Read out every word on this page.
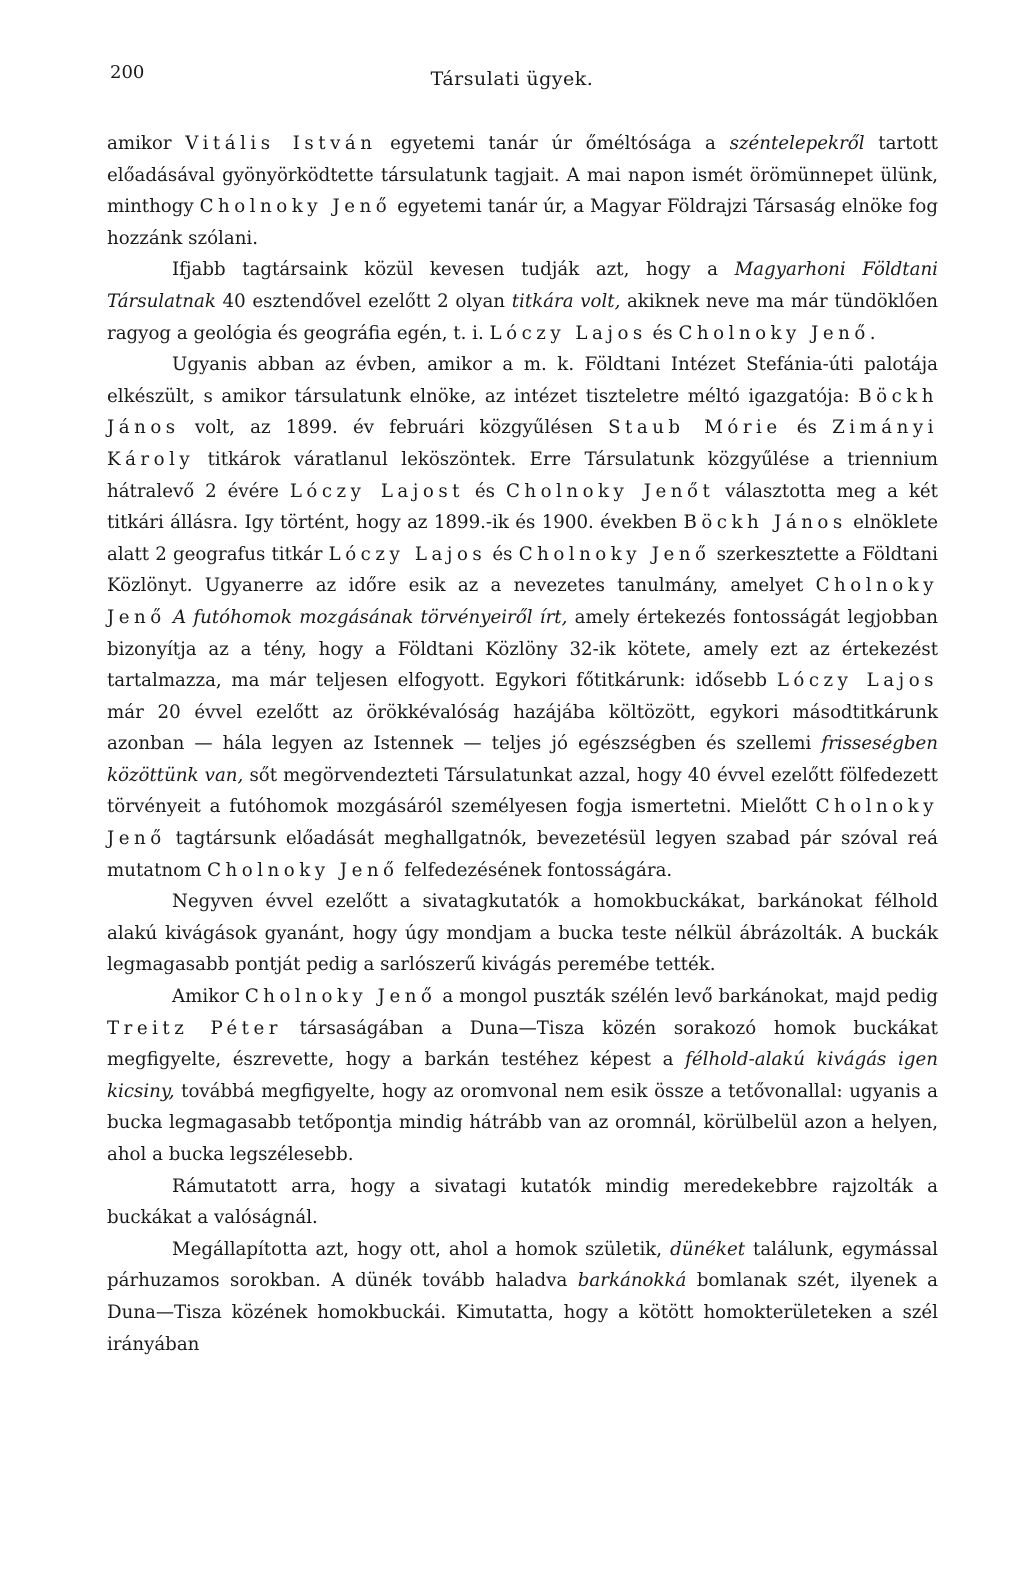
200	Társulati ügyek.

amikor Vitális István egyetemi tanár úr őméltósága a széntelepekről tartott előadásával gyönyörködtette társulatunk tagjait. A mai napon ismét örömünnepet ülünk, minthogy Cholnoky Jenő egyetemi tanár úr, a Magyar Földrajzi Társaság elnöke fog hozzánk szólani.

Ifjabb tagtársaink közül kevesen tudják azt, hogy a Magyarhoni Földtani Társulatnak 40 esztendővel ezelőtt 2 olyan titkára volt, akiknek neve ma már tündöklően ragyog a geológia és geográfia egén, t. i. Lóczy Lajos és Cholnoky Jenő.

Ugyanis abban az évben, amikor a m. k. Földtani Intézet Stefánia-úti palotája elkészült, s amikor társulatunk elnöke, az intézet tiszteletre méltó igazgatója: Böckh János volt, az 1899. év februári közgyűlésen Staub Mórie és Zimányi Károly titkárok váratlanul leköszöntek. Erre Társulatunk közgyűlése a triennium hátralevő 2 évére Lóczy Lajost és Cholnoky Jenőt választotta meg a két titkári állásra. Igy történt, hogy az 1899.-ik és 1900. években Böckh János elnöklete alatt 2 geografus titkár Lóczy Lajos és Cholnoky Jenő szerkesztette a Földtani Közlönyt. Ugyanerre az időre esik az a nevezetes tanulmány, amelyet Cholnoky Jenő A futóhomok mozgásának törvényeiről írt, amely értekezés fontosságát legjobban bizonyítja az a tény, hogy a Földtani Közlöny 32-ik kötete, amely ezt az értekezést tartalmazza, ma már teljesen elfogyott. Egykori főtitkárunk: idősebb Lóczy Lajos már 20 évvel ezelőtt az örökkévalóság hazájába költözött, egykori másodtitkárunk azonban — hála legyen az Istennek — teljes jó egészségben és szellemi frisseségben közöttünk van, sőt megörvendezteti Társulatunkat azzal, hogy 40 évvel ezelőtt fölfedezett törvényeit a futóhomok mozgásáról személyesen fogja ismertetni. Mielőtt Cholnoky Jenő tagtársunk előadását meghallgatnók, bevezetésül legyen szabad pár szóval reá mutatnom Cholnoky Jenő felfedezésének fontosságára.

Negyven évvel ezelőtt a sivatagkutatók a homokbuckákat, barkánokat félhold alakú kivágások gyanánt, hogy úgy mondjam a bucka teste nélkül ábrázolták. A buckák legmagasabb pontját pedig a sarlószerű kivágás peremébe tették.

Amikor Cholnoky Jenő a mongol puszták szélén levő barkánokat, majd pedig Treitz Péter társaságában a Duna—Tisza közén sorakozó homok buckákat megfigyelte, észrevette, hogy a barkán testéhez képest a félhold-alakú kivágás igen kicsiny, továbbá megfigyelte, hogy az oromvonal nem esik össze a tetővonallal: ugyanis a bucka legmagasabb tetőpontja mindig hátrább van az oromnál, körülbelül azon a helyen, ahol a bucka legszélesebb.

Rámutatott arra, hogy a sivatagi kutatók mindig meredekebbre rajzolták a buckákat a valóságnál.

Megállapította azt, hogy ott, ahol a homok születik, dünéket találunk, egymással párhuzamos sorokban. A dünék tovább haladva barkánokká bomlanak szét, ilyenek a Duna—Tisza közének homokbuckái. Kimutatta, hogy a kötött homokterületeken a szél irányában
